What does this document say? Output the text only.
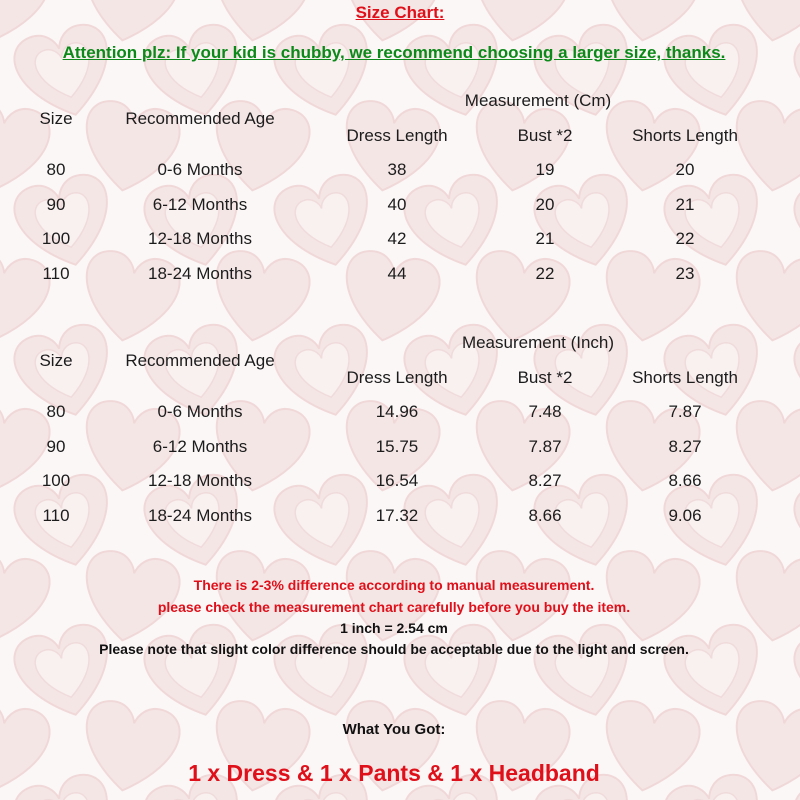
Size Chart:
Attention plz: If your kid is chubby, we recommend choosing a larger size, thanks.
Measurement (Cm)
Size	Recommended Age
Dress Length	Bust *2	Shorts Length
80	0-6 Months	38	19	20
90	6-12 Months	40	20	21
100	12-18 Months	42	21	22
110	18-24 Months	44	22	23
Measurement (Inch)
Size	Recommended Age
Dress Length	Bust *2	Shorts Length
80	0-6 Months	14.96	7.48	7.87
90	6-12 Months	15.75	7.87	8.27
100	12-18 Months	16.54	8.27	8.66
110	18-24 Months	17.32	8.66	9.06
There is 2-3% difference according to manual measurement.
please check the measurement chart carefully before you buy the item.
1 inch = 2.54 cm
Please note that slight color difference should be acceptable due to the light and screen.
What You Got:
1 x Dress & 1 x Pants & 1 x Headband
